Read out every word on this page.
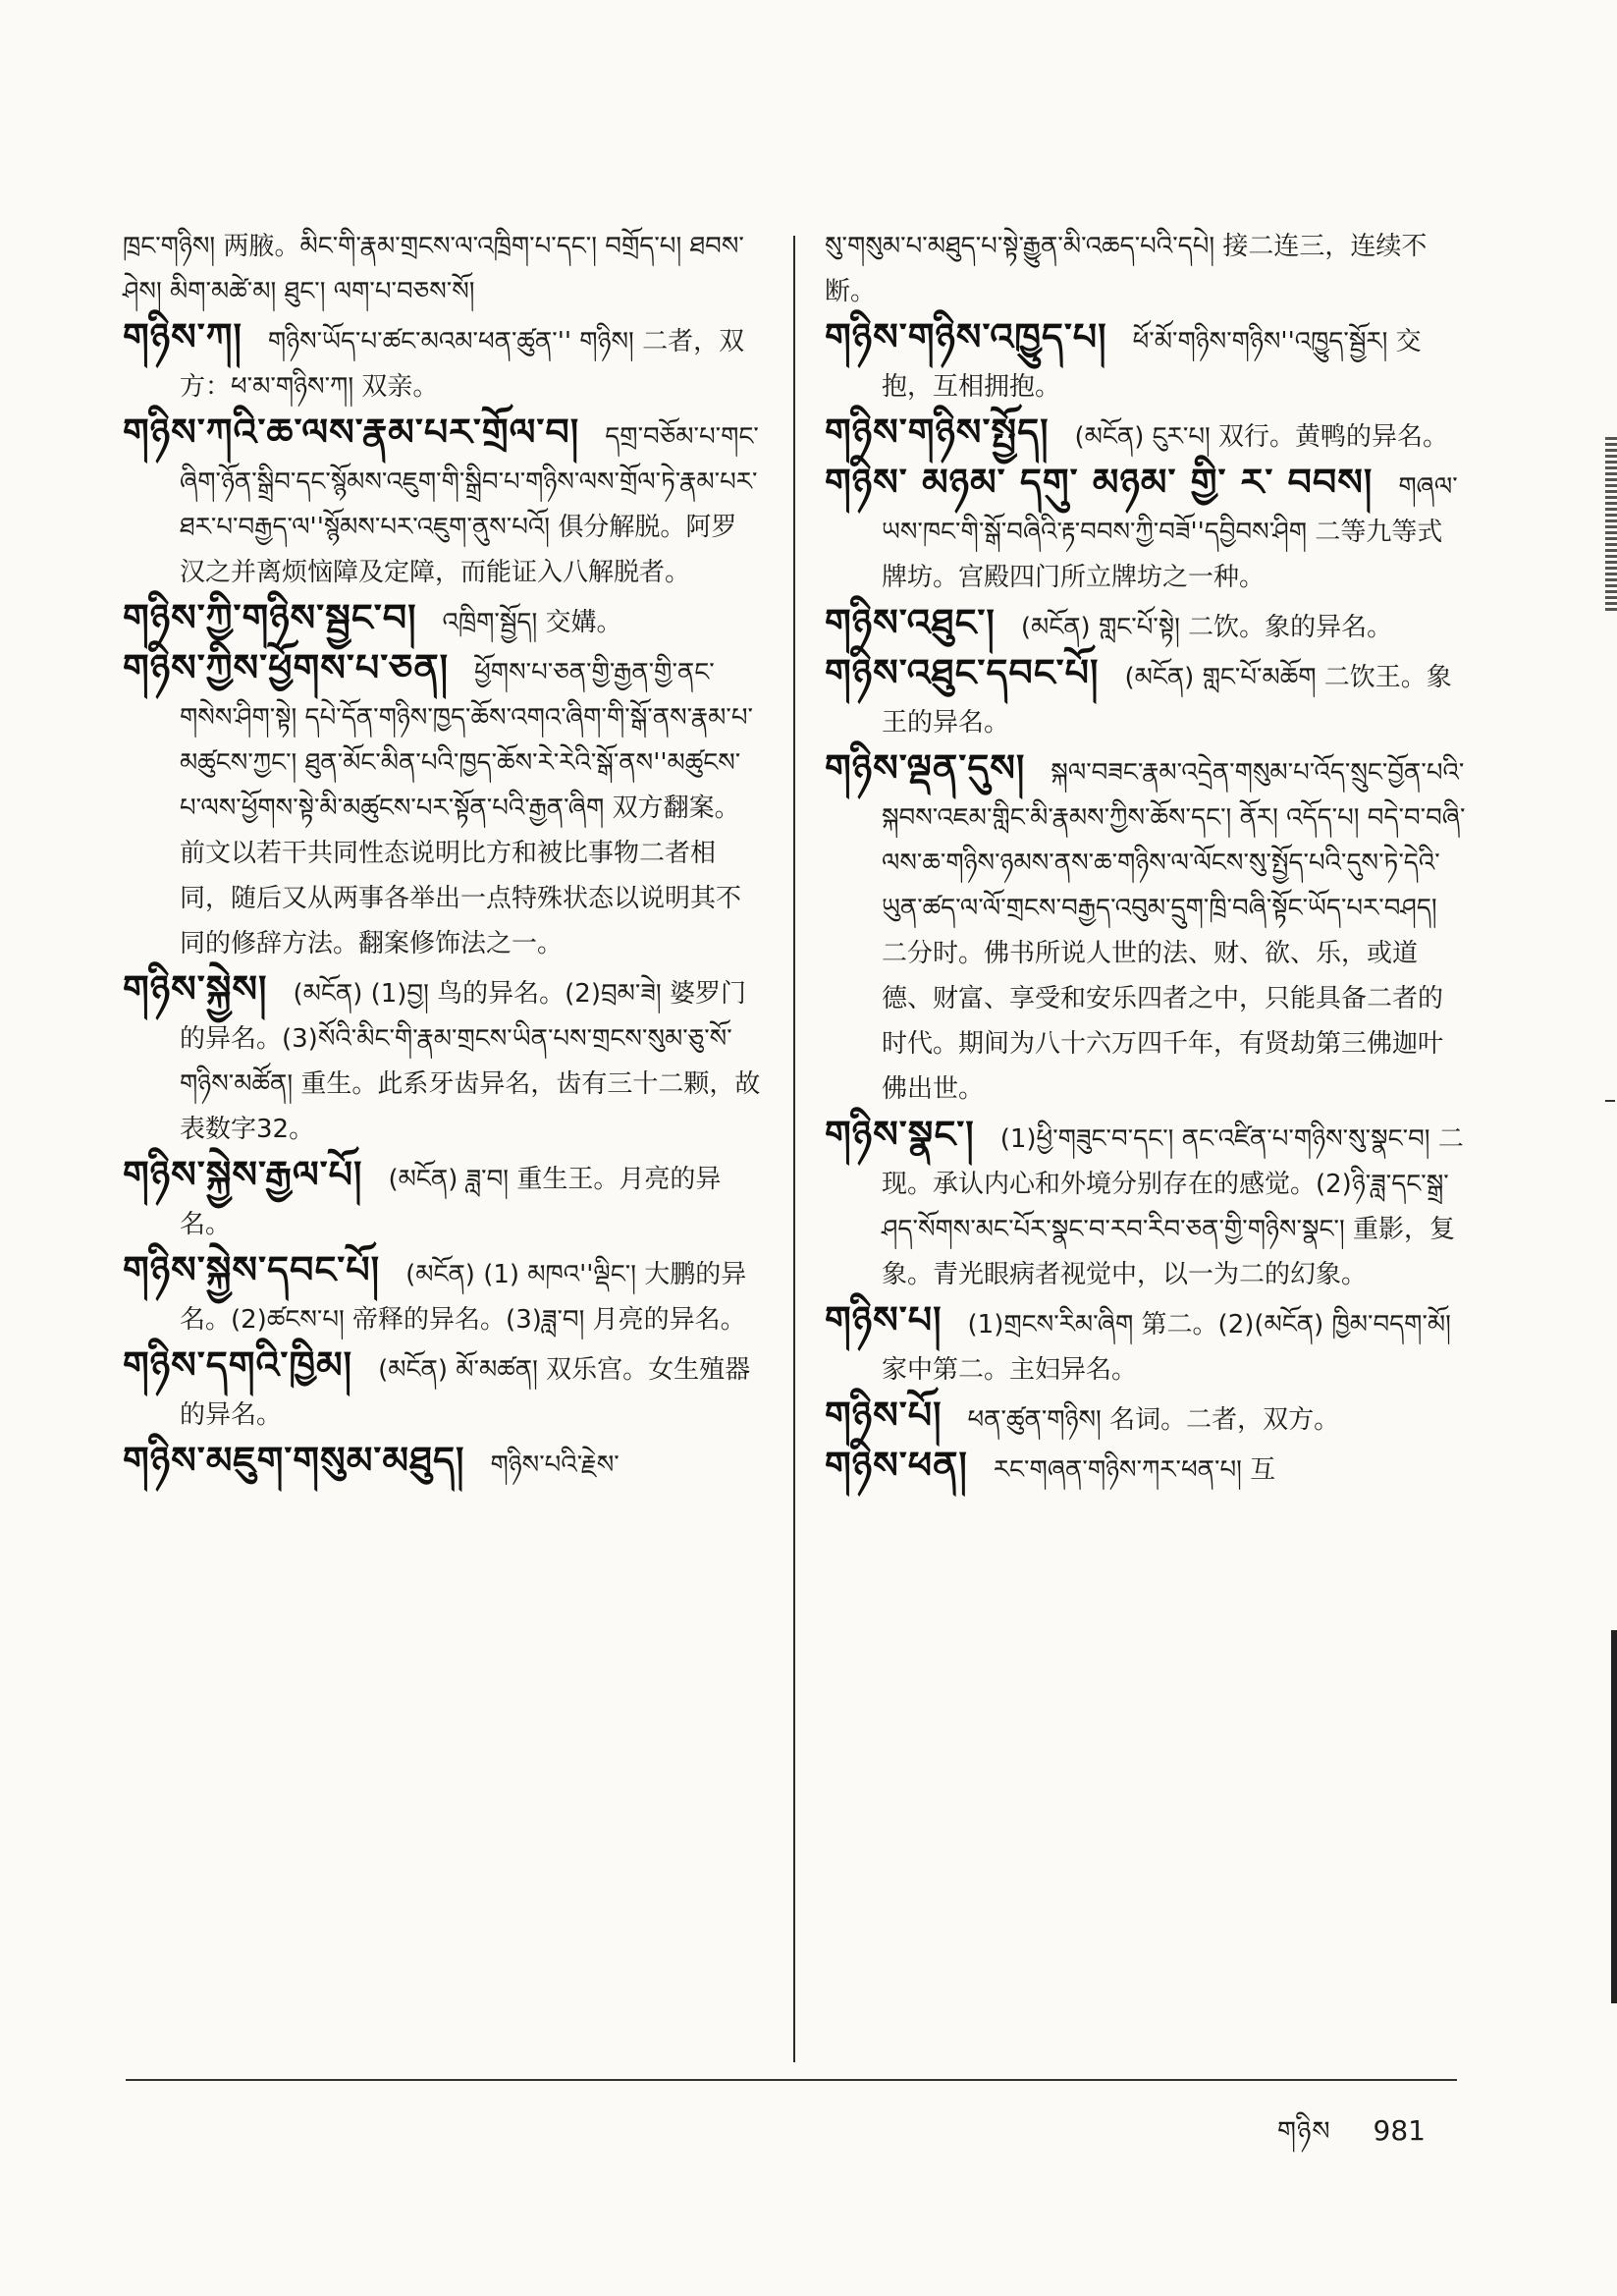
ཁྲང་གཉིས། 两腋。མིང་གི་རྣམ་གྲངས་ལ་འཁྲིག་པ་དང་། བགྲོད་པ། ཐབས་ཤེས། མིག་མཚེ་མ། ཐུང་། ལག་པ་བཅས་སོ།
གཉིས་ཀ།  གཉིས་ཡོད་པ་ཚང་མའམ་ཕན་ཚུན་'' གཉིས། 二者，双方：ཕ་མ་གཉིས་ཀ། 双亲。
གཉིས་ཀའི་ཆ་ལས་རྣམ་པར་གྲོལ་བ།  དགྲ་བཅོམ་པ་གང་ཞིག་ཉོན་སྒྲིབ་དང་སྙོམས་འཇུག་གི་སྒྲིབ་པ་གཉིས་ལས་གྲོལ་ཏེ་རྣམ་པར་ཐར་པ་བརྒྱད་ལ''སྙོམས་པར་འཇུག་ནུས་པའོ། 俱分解脱。阿罗汉之并离烦恼障及定障，而能证入八解脱者。
གཉིས་ཀྱི་གཉིས་སྦྱང་བ།  འཁྲིག་སྦྱོད། 交媾。
གཉིས་ཀྱིས་ཕྱོགས་པ་ཅན།  ཕྱོགས་པ་ཅན་གྱི་རྒྱན་གྱི་ནང་གསེས་ཤིག་སྟེ། དཔེ་དོན་གཉིས་ཁྱད་ཆོས་འགའ་ཞིག་གི་སྒོ་ནས་རྣམ་པ་མཚུངས་ཀྱང་། ཐུན་མོང་མིན་པའི་ཁྱད་ཆོས་རེ་རེའི་སྒོ་ནས''མཚུངས་པ་ལས་ཕྱོགས་སྟེ་མི་མཚུངས་པར་སྟོན་པའི་རྒྱན་ཞིག 双方翻案。前文以若干共同性态说明比方和被比事物二者相同，随后又从两事各举出一点特殊状态以说明其不同的修辞方法。翻案修饰法之一。
གཉིས་སྐྱེས།  (མངོན) (1)བྱ། 鸟的异名。(2)བྲམ་ཟེ། 婆罗门的异名。(3)སོའི་མིང་གི་རྣམ་གྲངས་ཡིན་པས་གྲངས་སུམ་ཅུ་སོ་གཉིས་མཚོན། 重生。此系牙齿异名，齿有三十二颗，故表数字32。
གཉིས་སྐྱེས་རྒྱལ་པོ།  (མངོན) ཟླ་བ། 重生王。月亮的异名。
གཉིས་སྐྱེས་དབང་པོ།  (མངོན) (1) མཁའ''ལྡིང་། 大鹏的异名。(2)ཚངས་པ། 帝释的异名。(3)ཟླ་བ། 月亮的异名。
གཉིས་དགའི་ཁྱིམ།  (མངོན) མོ་མཚན། 双乐宫。女生殖器的异名。
གཉིས་མཇུག་གསུམ་མཐུད།  གཉིས་པའི་རྗེས་
སུ་གསུམ་པ་མཐུད་པ་སྟེ་རྒྱུན་མི་འཆད་པའི་དཔེ། 接二连三，连续不断。
གཉིས་གཉིས་འཁྱུད་པ།  ཕོ་མོ་གཉིས་གཉིས''འཁྱུད་སྦྱོར། 交抱，互相拥抱。
གཉིས་གཉིས་སྤྱོད།  (མངོན) ངུར་པ། 双行。黄鸭的异名。
གཉིས་ མཉམ་ དགུ་ མཉམ་ གྱི་ ར་ བབས།  གཞལ་ཡས་ཁང་གི་སྒོ་བཞིའི་རྟ་བབས་ཀྱི་བཟོ''དབྱིབས་ཤིག 二等九等式牌坊。宫殿四门所立牌坊之一种。
གཉིས་འཐུང་།  (མངོན) གླང་པོ་སྟེ། 二饮。象的异名。
གཉིས་འཐུང་དབང་པོ།  (མངོན) གླང་པོ་མཆོག 二饮王。象王的异名。
གཉིས་ལྡན་དུས།  སྐལ་བཟང་རྣམ་འདྲེན་གསུམ་པ་འོད་སྲུང་བྱོན་པའི་སྐབས་འཇམ་གླིང་མི་རྣམས་ཀྱིས་ཆོས་དང་། ནོར། འདོད་པ། བདེ་བ་བཞི་ལས་ཆ་གཉིས་ཉམས་ནས་ཆ་གཉིས་ལ་ལོངས་སུ་སྤྱོད་པའི་དུས་ཏེ་དེའི་ཡུན་ཚད་ལ་ལོ་གྲངས་བརྒྱད་འབུམ་དྲུག་ཁྲི་བཞི་སྟོང་ཡོད་པར་བཤད། 二分时。佛书所说人世的法、财、欲、乐，或道德、财富、享受和安乐四者之中，只能具备二者的时代。期间为八十六万四千年，有贤劫第三佛迦叶佛出世。
གཉིས་སྣང་།  (1)ཕྱི་གཟུང་བ་དང་། ནང་འཛིན་པ་གཉིས་སུ་སྣང་བ། 二现。承认内心和外境分别存在的感觉。(2)ཉི་ཟླ་དང་སྒྲ་ཤད་སོགས་མང་པོར་སྣང་བ་རབ་རིབ་ཅན་གྱི་གཉིས་སྣང་། 重影，复象。青光眼病者视觉中，以一为二的幻象。
གཉིས་པ།  (1)གྲངས་རིམ་ཞིག 第二。(2)(མངོན) ཁྱིམ་བདག་མོ། 家中第二。主妇异名。
གཉིས་པོ།  ཕན་ཚུན་གཉིས། 名词。二者，双方。
གཉིས་ཕན།  རང་གཞན་གཉིས་ཀར་ཕན་པ། 互
གཉིས 981
